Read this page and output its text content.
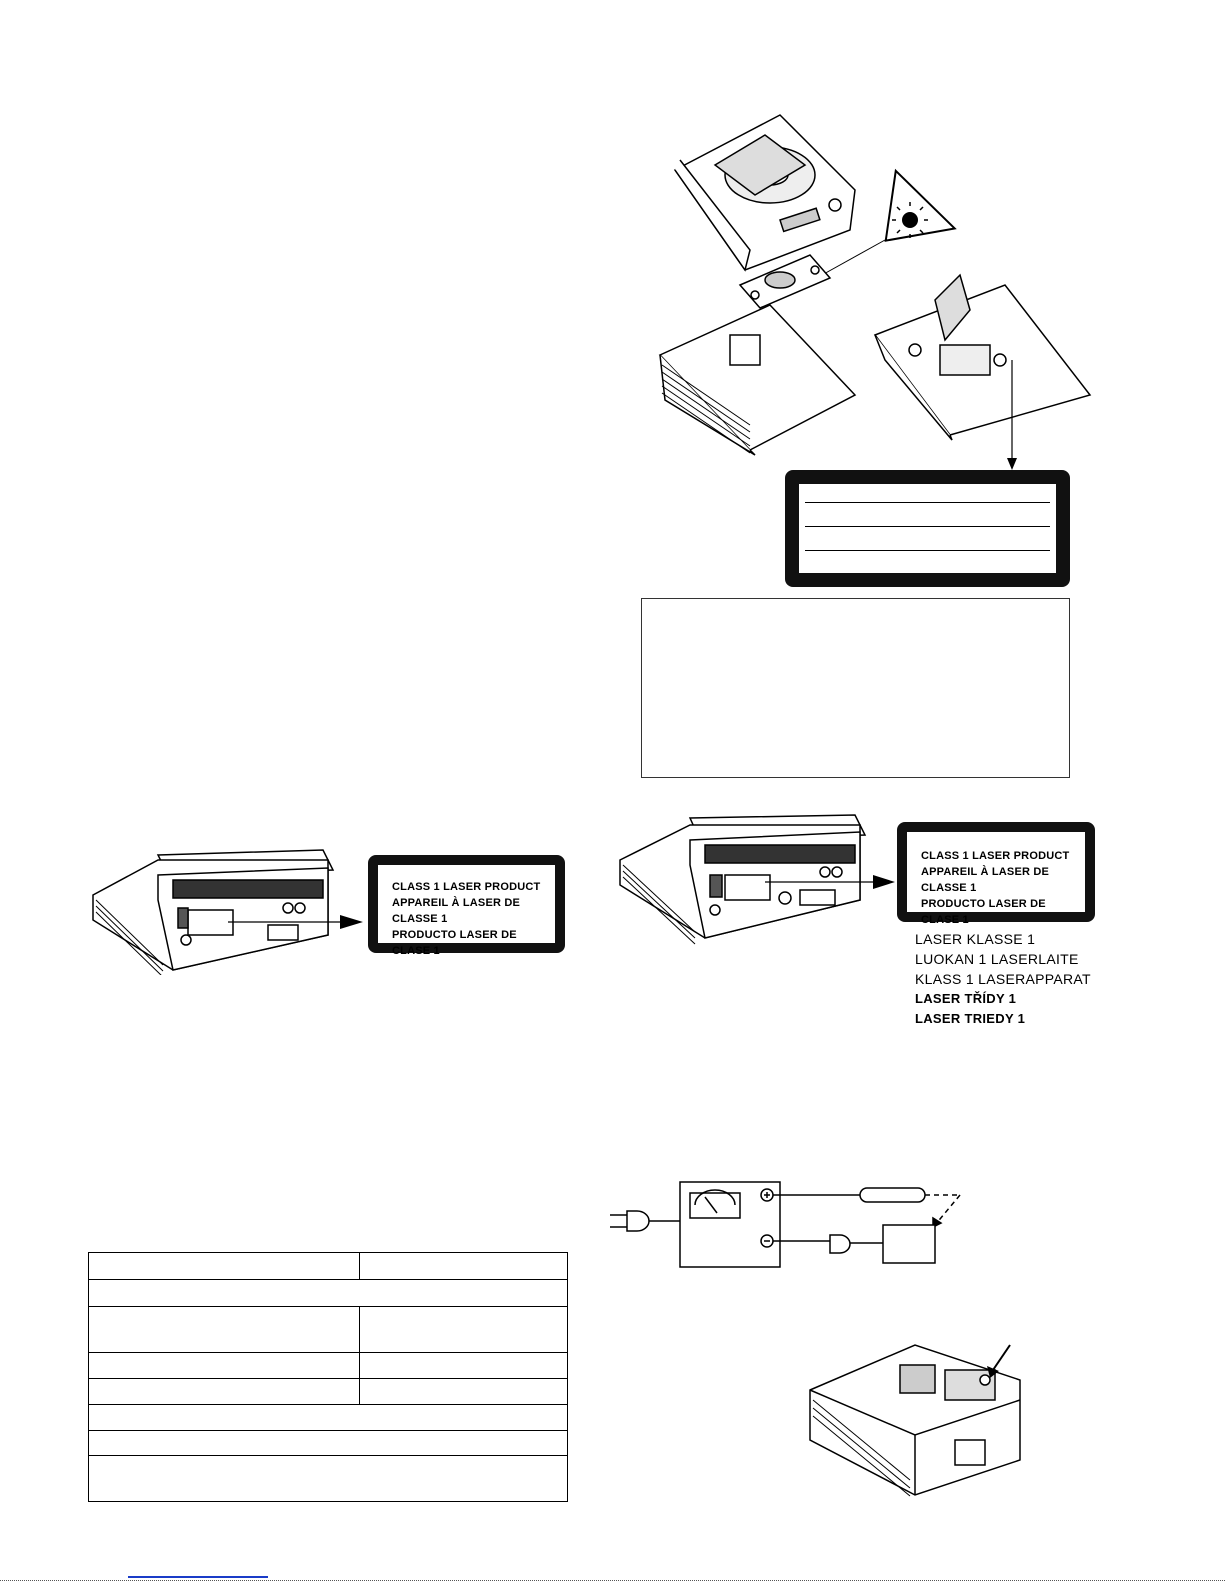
CLASS 1 LASER PRODUCT
APPAREIL À LASER DE CLASSE 1
PRODUCTO LASER DE CLASE 1
CLASS 1 LASER PRODUCT
APPAREIL À LASER DE CLASSE 1
PRODUCTO LASER DE CLASE 1
LASER KLASSE 1
LUOKAN 1 LASERLAITE
KLASS 1 LASERAPPARAT
LASER TŘÍDY 1
LASER TRIEDY 1
